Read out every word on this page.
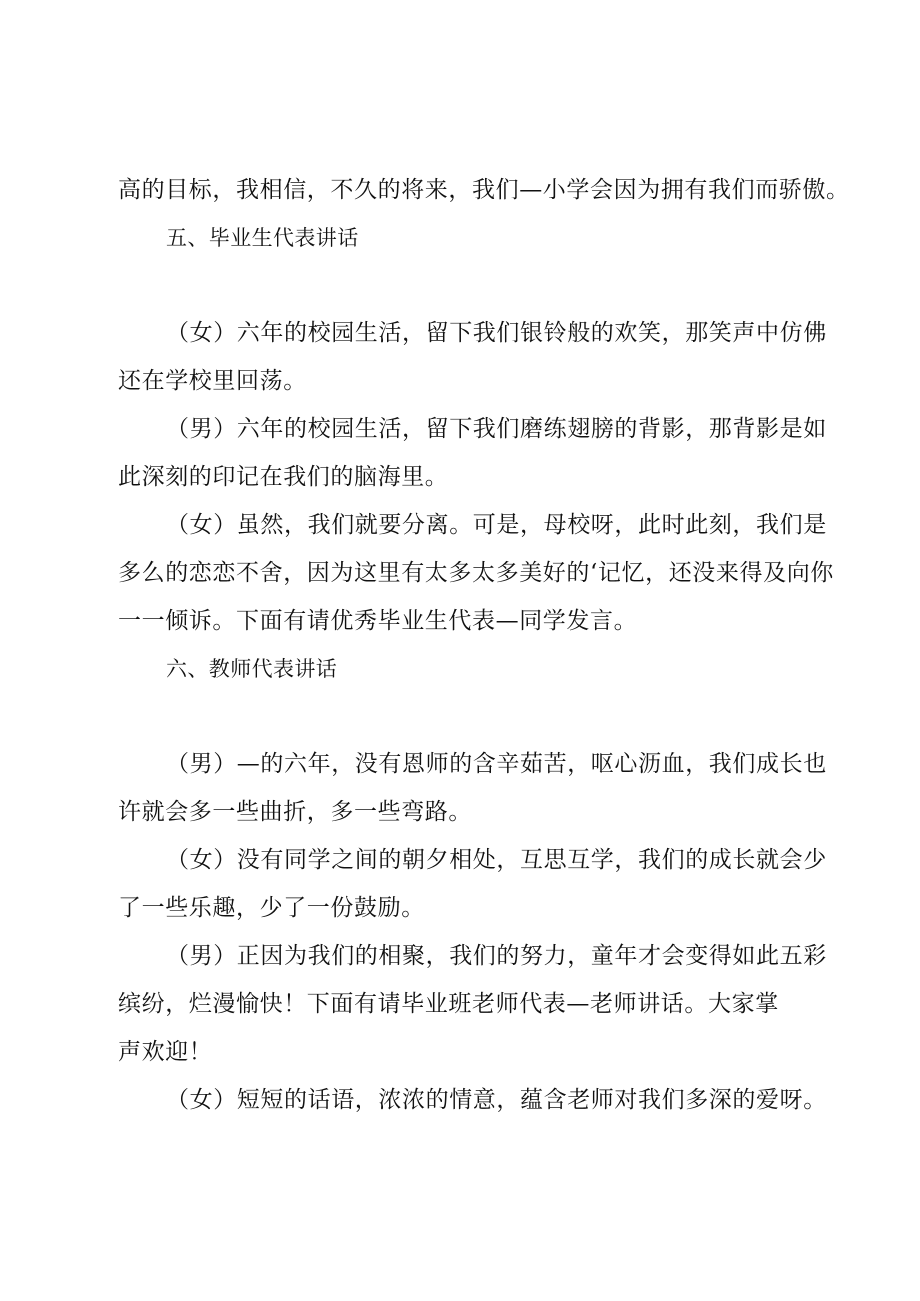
高的目标，我相信，不久的将来，我们—小学会因为拥有我们而骄傲。
五、毕业生代表讲话
（女）六年的校园生活，留下我们银铃般的欢笑，那笑声中仿佛
还在学校里回荡。
（男）六年的校园生活，留下我们磨练翅膀的背影，那背影是如
此深刻的印记在我们的脑海里。
（女）虽然，我们就要分离。可是，母校呀，此时此刻，我们是
多么的恋恋不舍，因为这里有太多太多美好的‘记忆，还没来得及向你
一一倾诉。下面有请优秀毕业生代表—同学发言。
六、教师代表讲话
（男）—的六年，没有恩师的含辛茹苦，呕心沥血，我们成长也
许就会多一些曲折，多一些弯路。
（女）没有同学之间的朝夕相处，互思互学，我们的成长就会少
了一些乐趣，少了一份鼓励。
（男）正因为我们的相聚，我们的努力，童年才会变得如此五彩
缤纷，烂漫愉快！下面有请毕业班老师代表—老师讲话。大家掌
声欢迎！
（女）短短的话语，浓浓的情意，蕴含老师对我们多深的爱呀。
